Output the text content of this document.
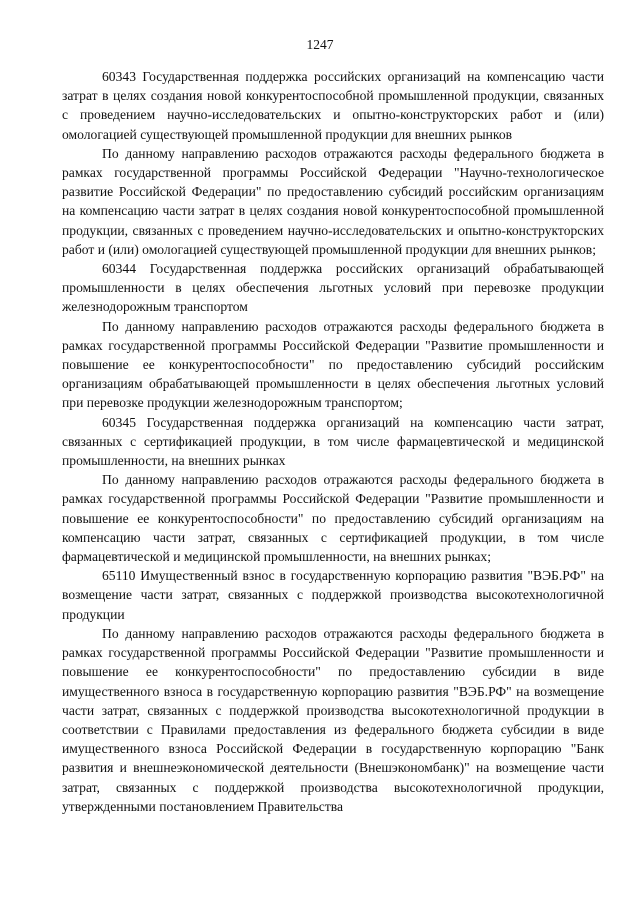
1247

60343 Государственная поддержка российских организаций на компенсацию части затрат в целях создания новой конкурентоспособной промышленной продукции, связанных с проведением научно-исследовательских и опытно-конструкторских работ и (или) омологацией существующей промышленной продукции для внешних рынков

По данному направлению расходов отражаются расходы федерального бюджета в рамках государственной программы Российской Федерации "Научно-технологическое развитие Российской Федерации" по предоставлению субсидий российским организациям на компенсацию части затрат в целях создания новой конкурентоспособной промышленной продукции, связанных с проведением научно-исследовательских и опытно-конструкторских работ и (или) омологацией существующей промышленной продукции для внешних рынков;

60344 Государственная поддержка российских организаций обрабатывающей промышленности в целях обеспечения льготных условий при перевозке продукции железнодорожным транспортом

По данному направлению расходов отражаются расходы федерального бюджета в рамках государственной программы Российской Федерации "Развитие промышленности и повышение ее конкурентоспособности" по предоставлению субсидий российским организациям обрабатывающей промышленности в целях обеспечения льготных условий при перевозке продукции железнодорожным транспортом;

60345 Государственная поддержка организаций на компенсацию части затрат, связанных с сертификацией продукции, в том числе фармацевтической и медицинской промышленности, на внешних рынках

По данному направлению расходов отражаются расходы федерального бюджета в рамках государственной программы Российской Федерации "Развитие промышленности и повышение ее конкурентоспособности" по предоставлению субсидий организациям на компенсацию части затрат, связанных с сертификацией продукции, в том числе фармацевтической и медицинской промышленности, на внешних рынках;

65110 Имущественный взнос в государственную корпорацию развития "ВЭБ.РФ" на возмещение части затрат, связанных с поддержкой производства высокотехнологичной продукции

По данному направлению расходов отражаются расходы федерального бюджета в рамках государственной программы Российской Федерации "Развитие промышленности и повышение ее конкурентоспособности" по предоставлению субсидии в виде имущественного взноса в государственную корпорацию развития "ВЭБ.РФ" на возмещение части затрат, связанных с поддержкой производства высокотехнологичной продукции в соответствии с Правилами предоставления из федерального бюджета субсидии в виде имущественного взноса Российской Федерации в государственную корпорацию "Банк развития и внешнеэкономической деятельности (Внешэкономбанк)" на возмещение части затрат, связанных с поддержкой производства высокотехнологичной продукции, утвержденными постановлением Правительства
